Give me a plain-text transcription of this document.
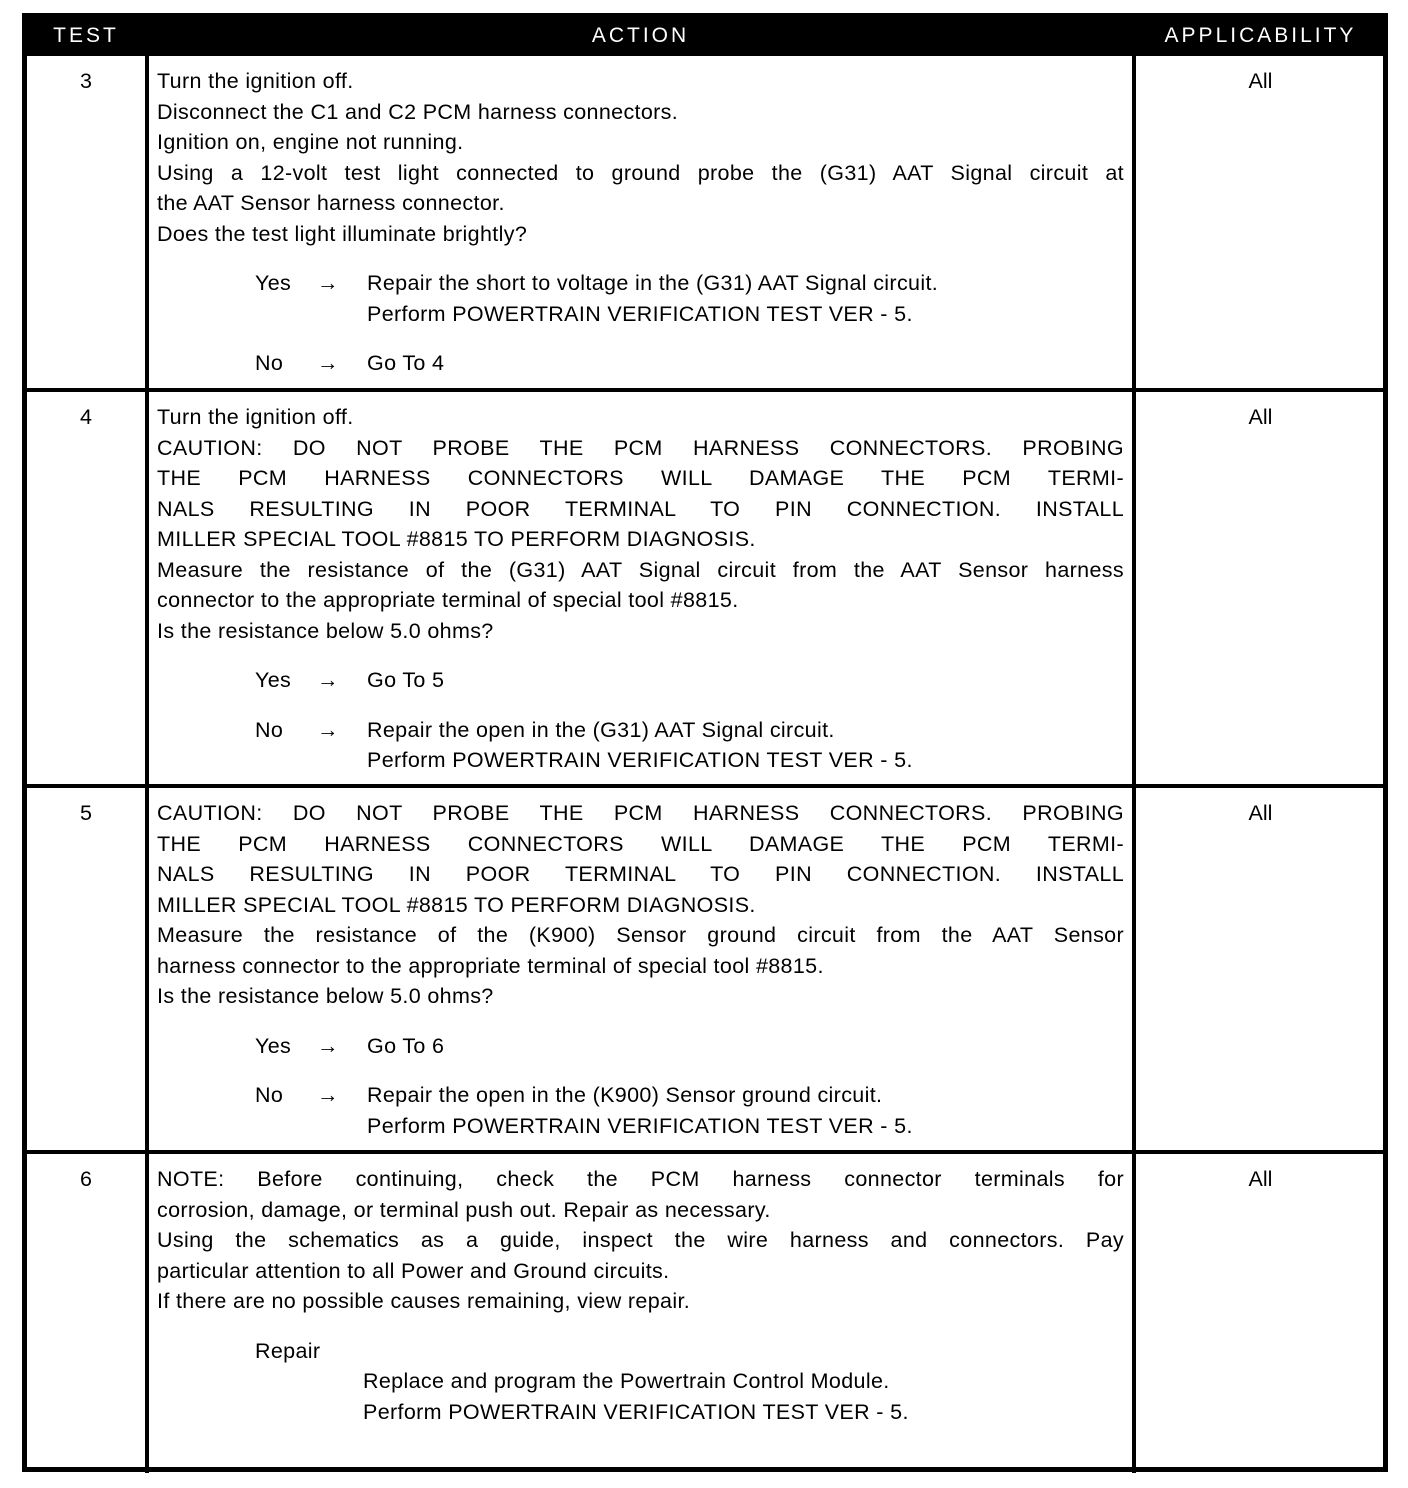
TEST	ACTION	APPLICABILITY
3	Turn the ignition off.
Disconnect the C1 and C2 PCM harness connectors.
Ignition on, engine not running.
Using a 12-volt test light connected to ground probe the (G31) AAT Signal circuit at
the AAT Sensor harness connector.
Does the test light illuminate brightly?
Yes	→	Repair the short to voltage in the (G31) AAT Signal circuit.
Perform POWERTRAIN VERIFICATION TEST VER - 5.
No	→	Go To 4
All
4	Turn the ignition off.
CAUTION: DO NOT PROBE THE PCM HARNESS CONNECTORS. PROBING
THE PCM HARNESS CONNECTORS WILL DAMAGE THE PCM TERMI-
NALS RESULTING IN POOR TERMINAL TO PIN CONNECTION. INSTALL
MILLER SPECIAL TOOL #8815 TO PERFORM DIAGNOSIS.
Measure the resistance of the (G31) AAT Signal circuit from the AAT Sensor harness
connector to the appropriate terminal of special tool #8815.
Is the resistance below 5.0 ohms?
Yes	→	Go To 5
No	→	Repair the open in the (G31) AAT Signal circuit.
Perform POWERTRAIN VERIFICATION TEST VER - 5.
All
5	CAUTION: DO NOT PROBE THE PCM HARNESS CONNECTORS. PROBING
THE PCM HARNESS CONNECTORS WILL DAMAGE THE PCM TERMI-
NALS RESULTING IN POOR TERMINAL TO PIN CONNECTION. INSTALL
MILLER SPECIAL TOOL #8815 TO PERFORM DIAGNOSIS.
Measure the resistance of the (K900) Sensor ground circuit from the AAT Sensor
harness connector to the appropriate terminal of special tool #8815.
Is the resistance below 5.0 ohms?
Yes	→	Go To 6
No	→	Repair the open in the (K900) Sensor ground circuit.
Perform POWERTRAIN VERIFICATION TEST VER - 5.
All
6	NOTE: Before continuing, check the PCM harness connector terminals for
corrosion, damage, or terminal push out. Repair as necessary.
Using the schematics as a guide, inspect the wire harness and connectors. Pay
particular attention to all Power and Ground circuits.
If there are no possible causes remaining, view repair.
Repair
Replace and program the Powertrain Control Module.
Perform POWERTRAIN VERIFICATION TEST VER - 5.
All
